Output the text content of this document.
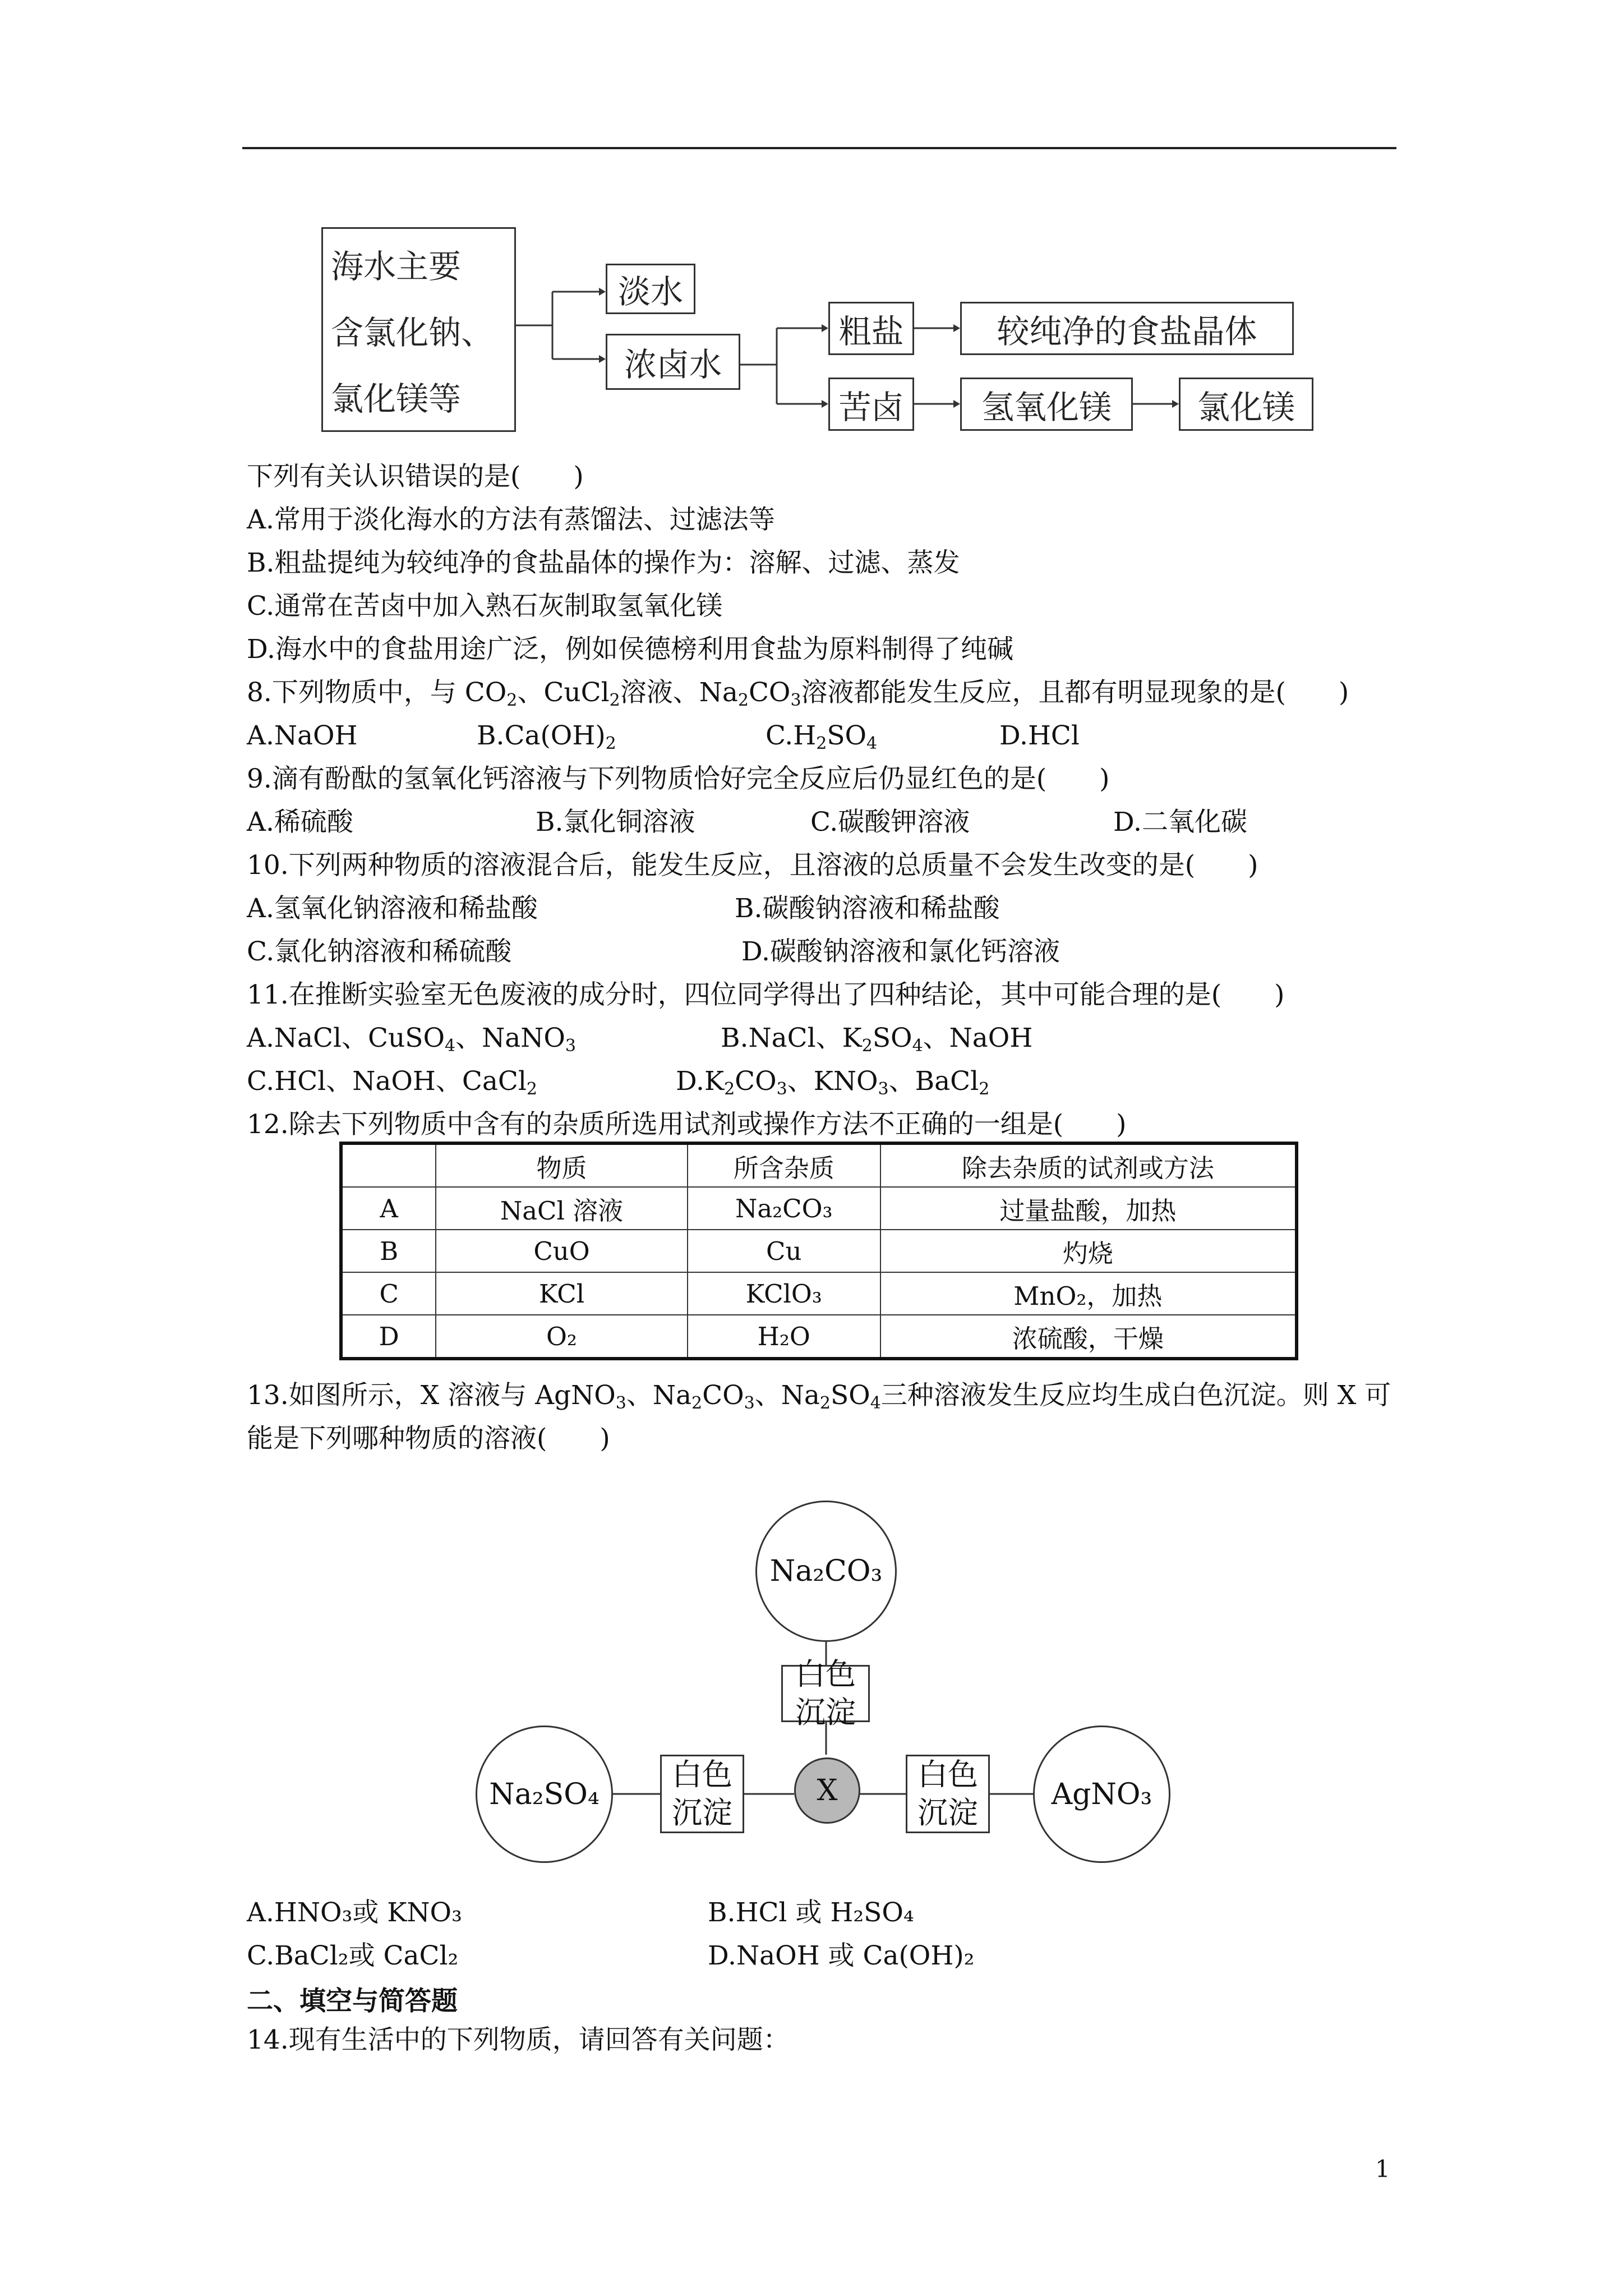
海水主要
含氯化钠、
氯化镁等
淡水
浓卤水
粗盐	较纯净的食盐晶体
苦卤	氢氧化镁	氯化镁
下列有关认识错误的是(　　)
A.常用于淡化海水的方法有蒸馏法、过滤法等
B.粗盐提纯为较纯净的食盐晶体的操作为：溶解、过滤、蒸发
C.通常在苦卤中加入熟石灰制取氢氧化镁
D.海水中的食盐用途广泛，例如侯德榜利用食盐为原料制得了纯碱
8.下列物质中，与 $CO_2$、CuCl$_2$溶液、$Na_2CO_3$溶液都能发生反应，且都有明显现象的是(　　)
A.NaOH	$B.Ca(OH)_2$	$C.H_2SO_4$	D.HCl
9.滴有酚酞的氢氧化钙溶液与下列物质恰好完全反应后仍显红色的是(　　)
A.稀硫酸	B.氯化铜溶液	C.碳酸钾溶液	D.二氧化碳
10.下列两种物质的溶液混合后，能发生反应，且溶液的总质量不会发生改变的是(　　)
A.氢氧化钠溶液和稀盐酸	B.碳酸钠溶液和稀盐酸
C.氯化钠溶液和稀硫酸	D.碳酸钠溶液和氯化钙溶液
11.在推断实验室无色废液的成分时，四位同学得出了四种结论，其中可能合理的是(　　)
A.NaCl、CuSO$_4$、NaNO$_3$	B.NaCl、$K_2SO_4$、NaOH
C.HCl、NaOH、CaCl$_2$	$D.K_2CO_3$、$KNO_3$、BaCl$_2$
12.除去下列物质中含有的杂质所选用试剂或操作方法不正确的一组是(　　)
	物质	所含杂质	除去杂质的试剂或方法
A	NaCl 溶液	Na₂CO₃	过量盐酸，加热
B	CuO	Cu	灼烧
C	KCl	KClO₃	MnO₂，加热
D	O₂	H₂O	浓硫酸，干燥
13.如图所示，X 溶液与 AgNO$_3$、$Na_2CO_3$、$Na_2SO_4$三种溶液发生反应均生成白色沉淀。则 X 可
能是下列哪种物质的溶液(　　)
Na₂CO₃
Na₂SO₄	AgNO₃
X
白色
沉淀
白色
沉淀
白色
沉淀
A.HNO₃或 KNO₃	B.HCl 或 H₂SO₄
C.BaCl₂或 CaCl₂	D.NaOH 或 Ca(OH)₂
二、填空与简答题
14.现有生活中的下列物质，请回答有关问题：
1
